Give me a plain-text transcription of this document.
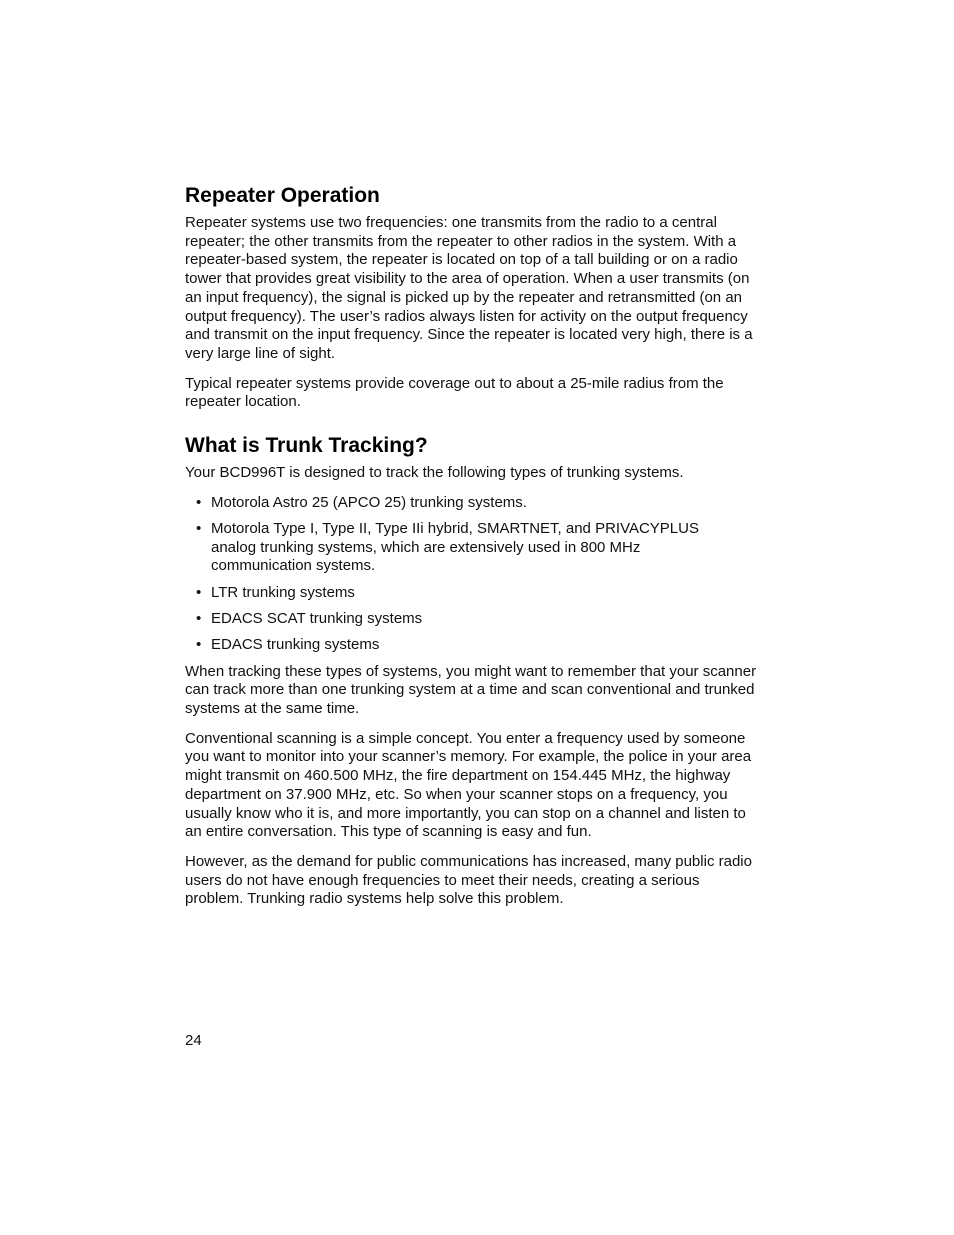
Repeater Operation

Repeater systems use two frequencies: one transmits from the radio to a central repeater; the other transmits from the repeater to other radios in the system. With a repeater-based system, the repeater is located on top of a tall building or on a radio tower that provides great visibility to the area of operation. When a user transmits (on an input frequency), the signal is picked up by the repeater and retransmitted (on an output frequency). The user’s radios always listen for activity on the output frequency and transmit on the input frequency. Since the repeater is located very high, there is a very large line of sight.

Typical repeater systems provide coverage out to about a 25-mile radius from the repeater location.

What is Trunk Tracking?

Your BCD996T is designed to track the following types of trunking systems.

• Motorola Astro 25 (APCO 25) trunking systems.
• Motorola Type I, Type II, Type IIi hybrid, SMARTNET, and PRIVACYPLUS analog trunking systems, which are extensively used in 800 MHz communication systems.
• LTR trunking systems
• EDACS SCAT trunking systems
• EDACS trunking systems

When tracking these types of systems, you might want to remember that your scanner can track more than one trunking system at a time and scan conventional and trunked systems at the same time.

Conventional scanning is a simple concept. You enter a frequency used by someone you want to monitor into your scanner’s memory. For example, the police in your area might transmit on 460.500 MHz, the fire department on 154.445 MHz, the highway department on 37.900 MHz, etc. So when your scanner stops on a frequency, you usually know who it is, and more importantly, you can stop on a channel and listen to an entire conversation. This type of scanning is easy and fun.

However, as the demand for public communications has increased, many public radio users do not have enough frequencies to meet their needs, creating a serious problem. Trunking radio systems help solve this problem.

24
